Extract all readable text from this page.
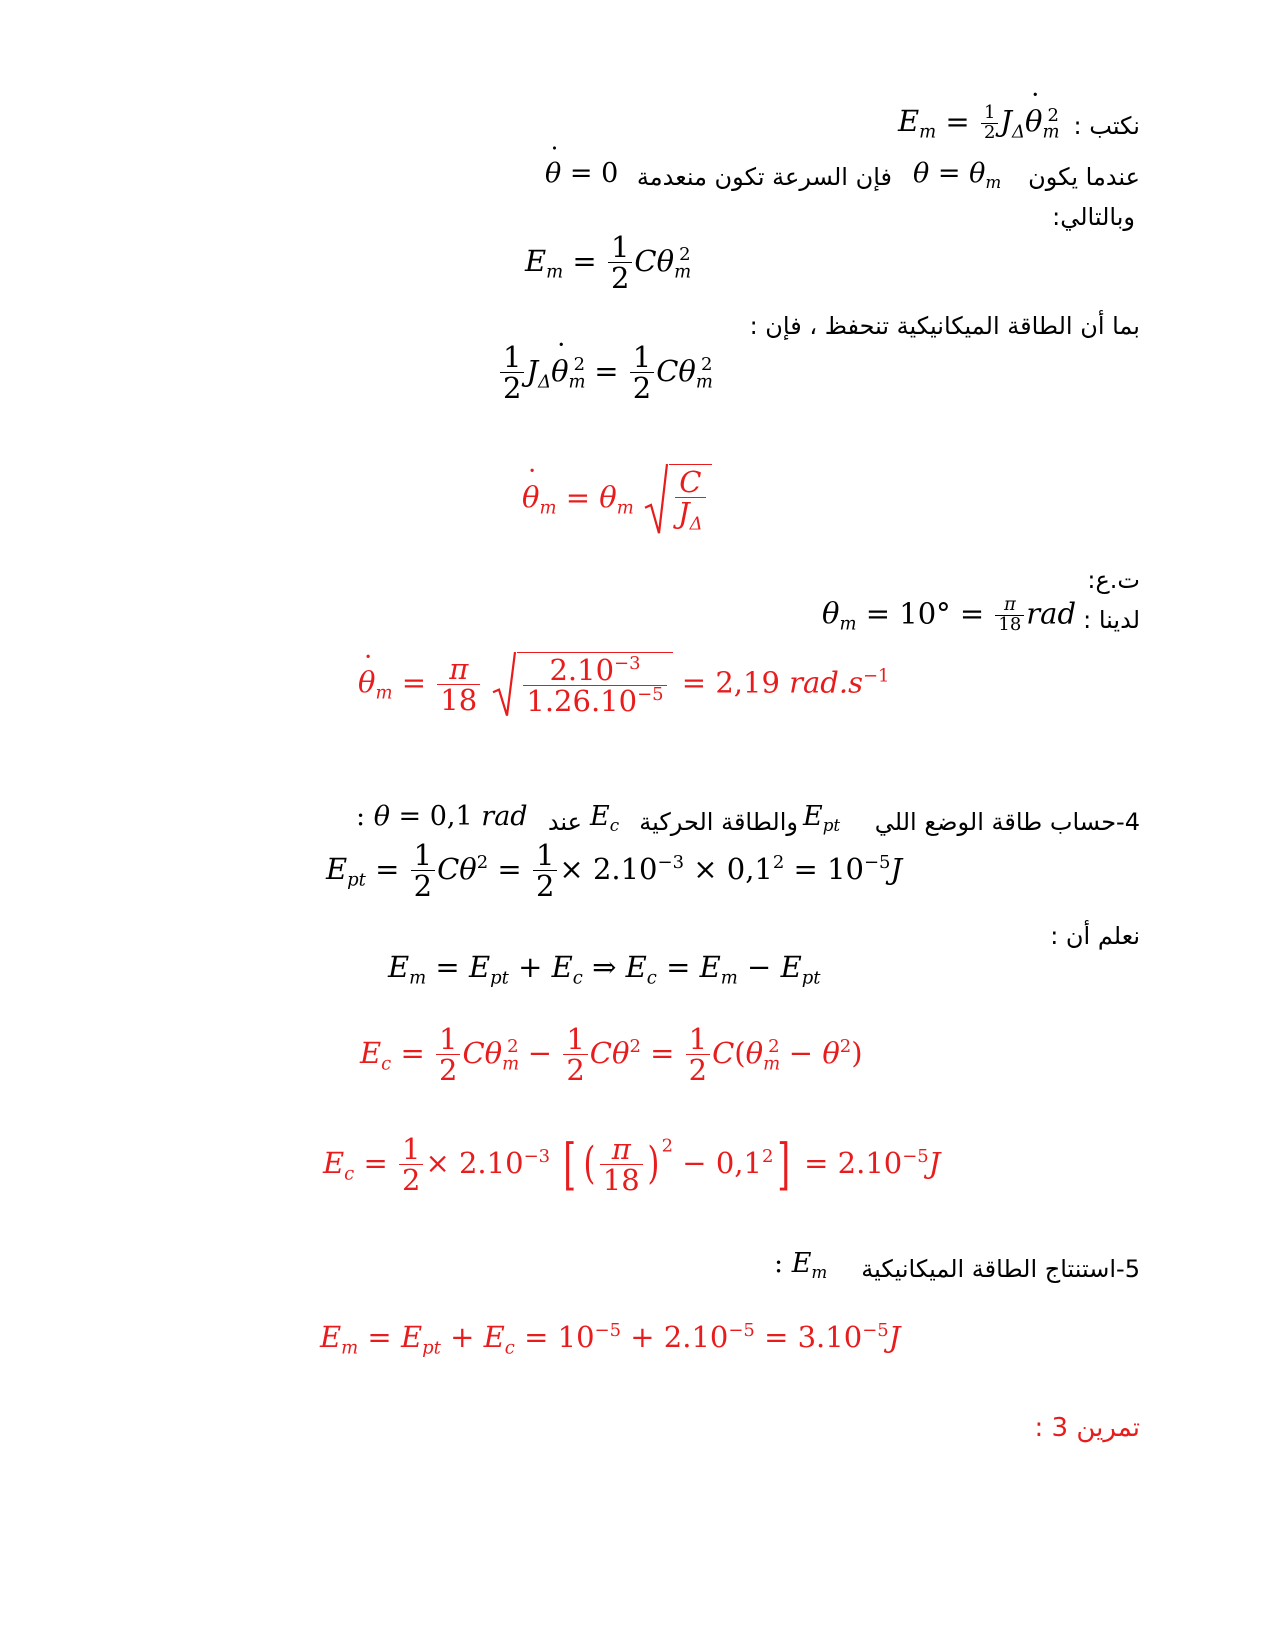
نكتب :
$E_m = \frac{1}{2} J_\Delta\theta$ $˙_m^2$
عندما يكون
$\theta = \theta_m$
فإن السرعة تكون منعدمة
θ ˙ = 0
وبالتالي:
$E_m = \frac{1}{2} C\theta_m^2$
بما أن الطاقة الميكانيكية تنحفظ ، فإن :
$\frac{1}{2} J_\Delta\theta$ $˙_m^2 = \frac{1}{2} C\theta_m^2$
θ $˙_m = \theta_m \frac{C}{J_\Delta}$
ت.ع:
لدينا :
$\theta_m = 10^\circ = \frac{\pi}{18}$ rad
θ $˙_m = \frac{\pi}{18}$
$\frac{2.10^{-3}}{1.26.10^{-5}} = 2,19$ $rad.s^{-1}$
4-حساب طاقة الوضع اللي
$E_{pt}$
والطاقة الحركية
$E_c$
عند
: θ = 0,1 rad
$E_{pt} = \frac{1}{2} C\theta^2 = \frac{1}{2} \times 2.10^{-3} \times 0,1^2 = 10^{-5}J$
نعلم أن :
$E_m = E_{pt} + E_c$ ⇒ $E_c = E_m - E_{pt}$
$E_c = \frac{1}{2} C\theta_m^2 - \frac{1}{2} C\theta^2 = \frac{1}{2} C(\theta_m^2 - \theta^2)$
$E_c = \frac{1}{2} \times 2.10^{-3}$ [ ( $\frac{\pi}{18}$ ) $^2 - 0,1^2] = 2.10^{-5}J$
5-استنتاج الطاقة الميكانيكية
: $E_m$
$E_m = E_{pt} + E_c = 10^{-5} + 2.10^{-5} = 3.10^{-5}J$
تمرين 3 :
